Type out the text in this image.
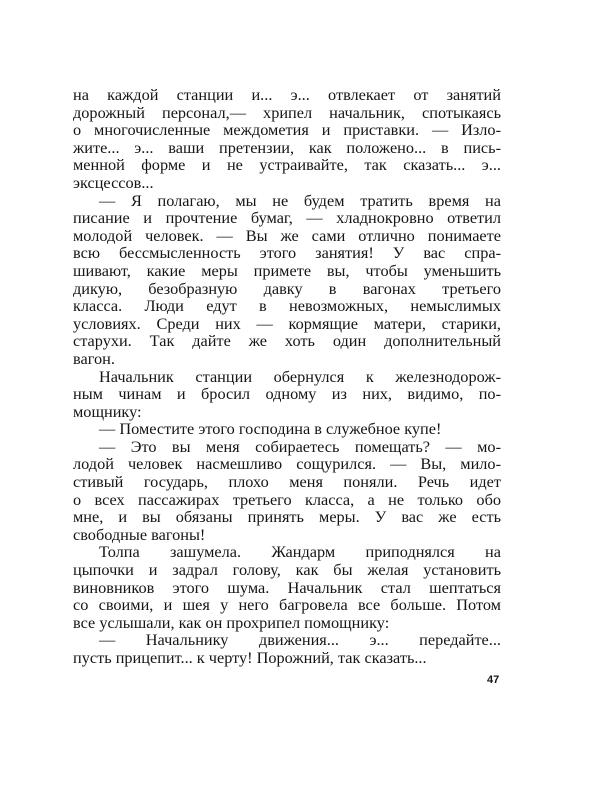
на каждой станции и... э... отвлекает от занятий
дорожный персонал,— хрипел начальник, спотыкаясь
о многочисленные междометия и приставки. — Изло-
жите... э... ваши претензии, как положено... в пись-
менной форме и не устраивайте, так сказать... э...
эксцессов...
— Я полагаю, мы не будем тратить время на
писание и прочтение бумаг, — хладнокровно ответил
молодой человек. — Вы же сами отлично понимаете
всю бессмысленность этого занятия! У вас спра-
шивают, какие меры примете вы, чтобы уменьшить
дикую, безобразную давку в вагонах третьего
класса. Люди едут в невозможных, немыслимых
условиях. Среди них — кормящие матери, старики,
старухи. Так дайте же хоть один дополнительный
вагон.
Начальник станции обернулся к железнодорож-
ным чинам и бросил одному из них, видимо, по-
мощнику:
— Поместите этого господина в служебное купе!
— Это вы меня собираетесь помещать? — мо-
лодой человек насмешливо сощурился. — Вы, мило-
стивый государь, плохо меня поняли. Речь идет
о всех пассажирах третьего класса, а не только обо
мне, и вы обязаны принять меры. У вас же есть
свободные вагоны!
Толпа зашумела. Жандарм приподнялся на
цыпочки и задрал голову, как бы желая установить
виновников этого шума. Начальник стал шептаться
со своими, и шея у него багровела все больше. Потом
все услышали, как он прохрипел помощнику:
— Начальнику движения... э... передайте...
пусть прицепит... к черту! Порожний, так сказать...
47
